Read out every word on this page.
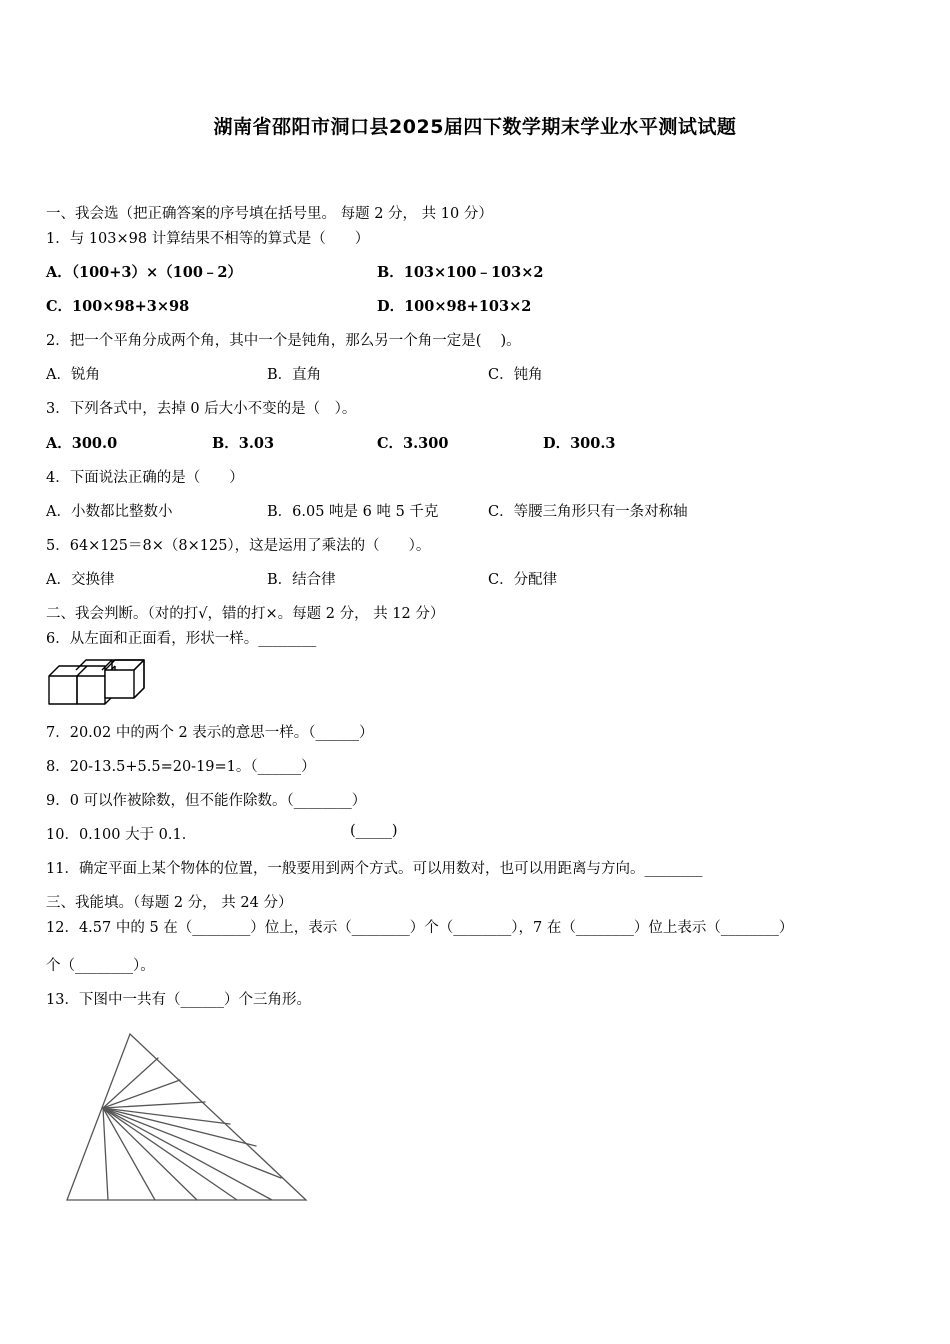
湖南省邵阳市洞口县2025届四下数学期末学业水平测试试题
一、我会选（把正确答案的序号填在括号里。 每题 2 分， 共 10 分）
1．与 103×98 计算结果不相等的算式是（　　）
A．（100+3）×（100﹣2）	B．103×100﹣103×2
C．100×98+3×98	D．100×98+103×2
2．把一个平角分成两个角，其中一个是钝角，那么另一个角一定是(　 )。
A．锐角	B．直角	C．钝角
3．下列各式中，去掉 0 后大小不变的是（　）。
A．300.0	B．3.03	C．3.300	D．300.3
4．下面说法正确的是（　　）
A．小数都比整数小	B．6.05 吨是 6 吨 5 千克	C．等腰三角形只有一条对称轴
5．64×125＝8×（8×125），这是运用了乘法的（　　）。
A．交换律	B．结合律	C．分配律
二、我会判断。（对的打√，错的打×。每题 2 分， 共 12 分）
6．从左面和正面看，形状一样。________
7．20.02 中的两个 2 表示的意思一样。（______）
8．20-13.5+5.5=20-19=1。（______）
9．0 可以作被除数，但不能作除数。（________）
10．0.100 大于 0.1．	(_____)
11．确定平面上某个物体的位置，一般要用到两个方式。可以用数对，也可以用距离与方向。________
三、我能填。（每题 2 分， 共 24 分）
12．4.57 中的 5 在（________）位上，表示（________）个（________），7 在（________）位上表示（________）
个（________）。
13．下图中一共有（______）个三角形。
